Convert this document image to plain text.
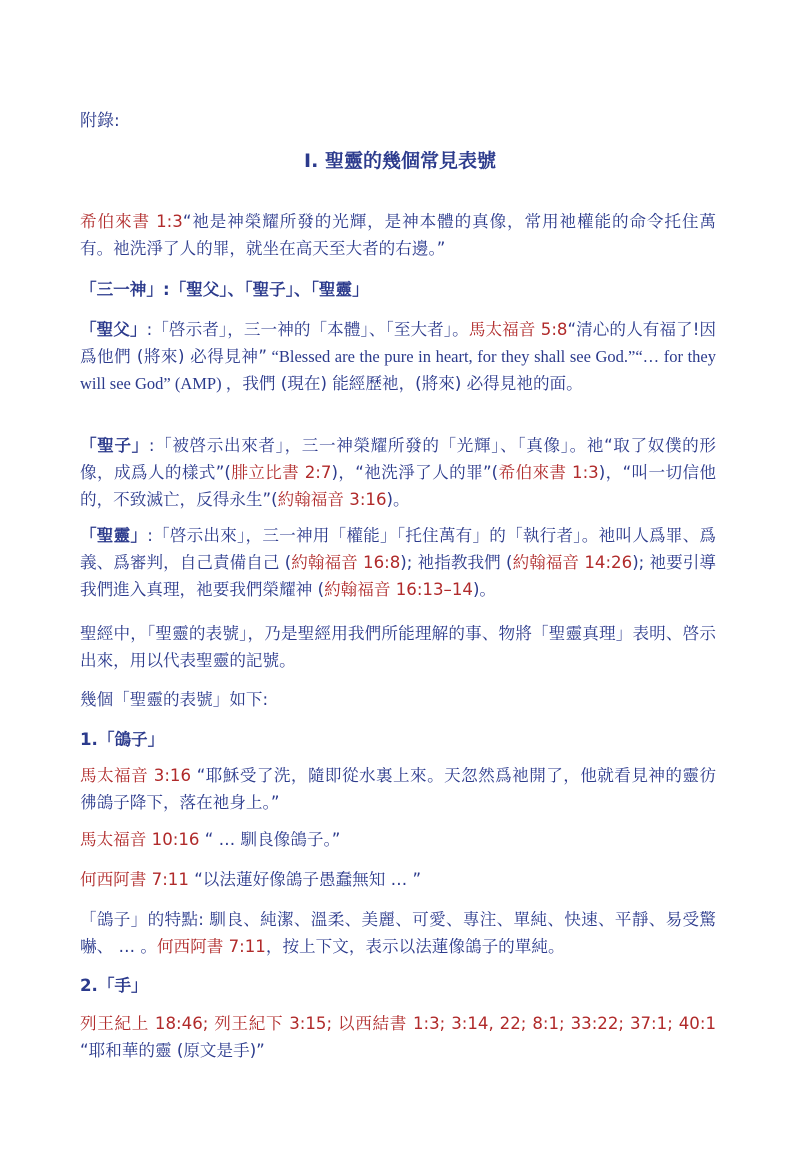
附錄:
I. 聖靈的幾個常見表號
希伯來書 1:3“祂是神榮耀所發的光輝，是神本體的真像，常用祂權能的命令托住萬有。祂洗淨了人的罪，就坐在高天至大者的右邊。”
「三一神」:「聖父」、「聖子」、「聖靈」
「聖父」:「啓示者」，三一神的「本體」、「至大者」。馬太福音 5:8“清心的人有福了!因爲他們 (將來) 必得見神” “Blessed are the pure in heart, for they shall see God.”“… for they will see God” (AMP) ，我們 (現在) 能經歷祂，(將來) 必得見祂的面。
「聖子」:「被啓示出來者」，三一神榮耀所發的「光輝」、「真像」。祂“取了奴僕的形像，成爲人的樣式”(腓立比書 2:7)，“祂洗淨了人的罪”(希伯來書 1:3)，“叫一切信他的，不致滅亡，反得永生”(約翰福音 3:16)。
「聖靈」:「啓示出來」，三一神用「權能」「托住萬有」的「執行者」。祂叫人爲罪、爲義、爲審判，自己責備自己 (約翰福音 16:8); 祂指教我們 (約翰福音 14:26); 祂要引導我們進入真理，祂要我們榮耀神 (約翰福音 16:13–14)。
聖經中，「聖靈的表號」，乃是聖經用我們所能理解的事、物將「聖靈真理」表明、啓示出來，用以代表聖靈的記號。
幾個「聖靈的表號」如下:
1.「鴿子」
馬太福音 3:16 “耶穌受了洗，隨即從水裏上來。天忽然爲祂開了，他就看見神的靈彷彿鴿子降下，落在祂身上。”
馬太福音 10:16 “ … 馴良像鴿子。”
何西阿書 7:11 “以法蓮好像鴿子愚蠢無知 … ”
「鴿子」的特點: 馴良、純潔、溫柔、美麗、可愛、專注、單純、快速、平靜、易受驚嚇、 … 。何西阿書 7:11，按上下文，表示以法蓮像鴿子的單純。
2.「手」
列王紀上 18:46; 列王紀下 3:15; 以西結書 1:3; 3:14, 22; 8:1; 33:22; 37:1; 40:1 “耶和華的靈 (原文是手)”
